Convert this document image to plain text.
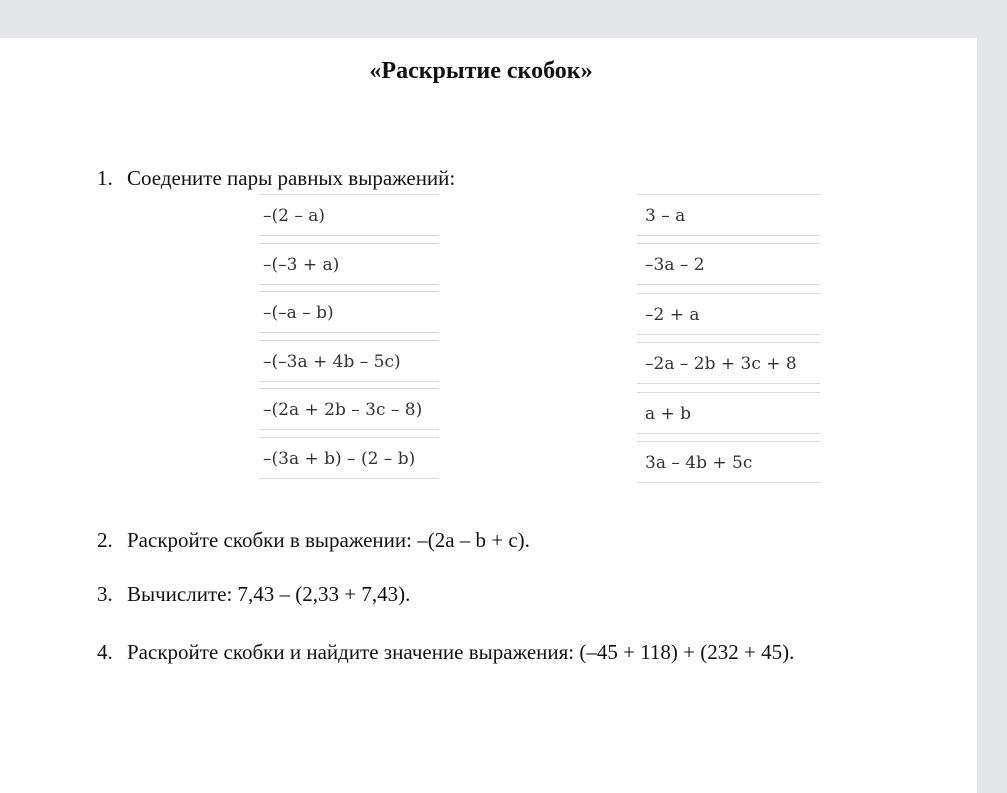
«Раскрытие скобок»
1. Соедените пары равных выражений:
–(2 – a)
–(–3 + a)
–(–a – b)
–(–3a + 4b – 5c)
–(2a + 2b – 3c – 8)
–(3a + b) – (2 – b)
3 – a
–3a – 2
–2 + a
–2a – 2b + 3c + 8
a + b
3a – 4b + 5c
2. Раскройте скобки в выражении: –(2a – b + c).
3. Вычислите: 7,43 – (2,33 + 7,43).
4. Раскройте скобки и найдите значение выражения: (–45 + 118) + (232 + 45).
